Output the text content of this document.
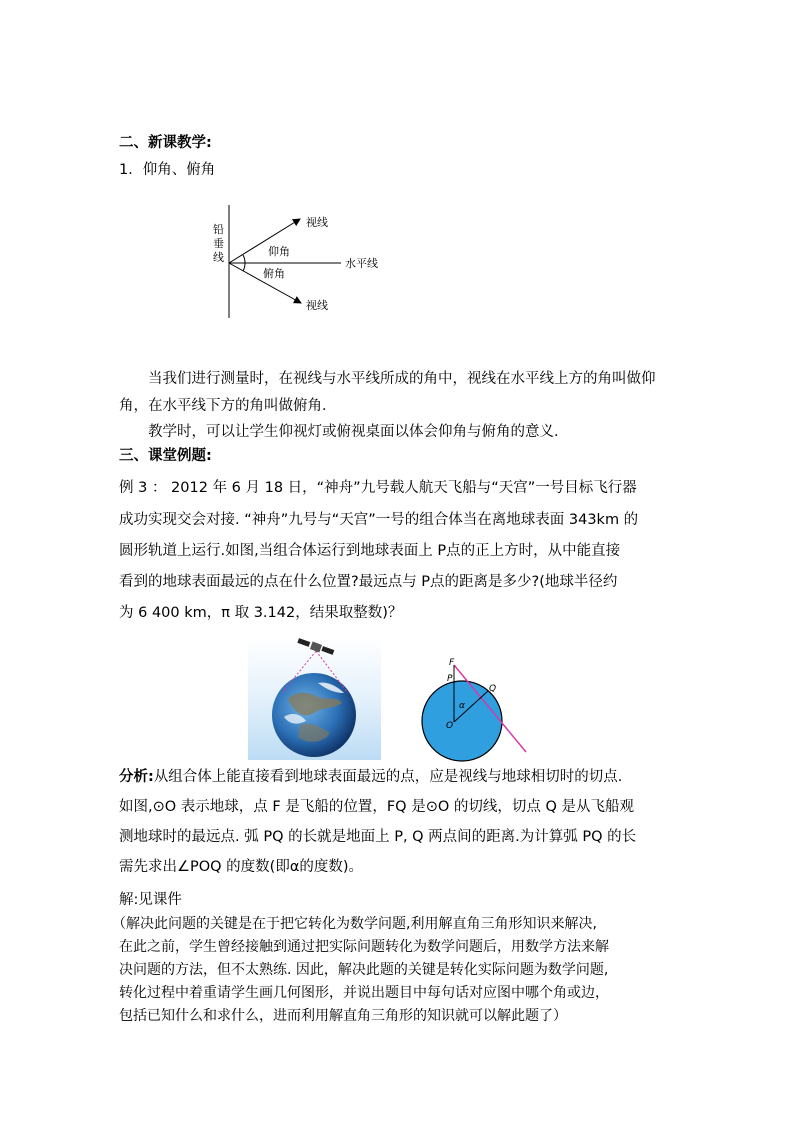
二、新课教学:
1．仰角、俯角
铅
垂
线
视线
仰角
水平线
俯角
视线
当我们进行测量时，在视线与水平线所成的角中，视线在水平线上方的角叫做仰角，在水平线下方的角叫做俯角．
教学时，可以让学生仰视灯或俯视桌面以体会仰角与俯角的意义．
三、课堂例题:
例 3 ： 2012 年 6 月 18 日，“神舟”九号载人航天飞船与“天宫”一号目标飞行器
成功实现交会对接. “神舟”九号与“天宫”一号的组合体当在离地球表面 343km 的
圆形轨道上运行.如图,当组合体运行到地球表面上 P点的正上方时，从中能直接
看到的地球表面最远的点在什么位置?最远点与 P点的距离是多少?(地球半径约
为 6 400 km，π 取 3.142，结果取整数)？
F
P
Q
α
O
分析:从组合体上能直接看到地球表面最远的点，应是视线与地球相切时的切点.
如图,⊙O 表示地球，点 F 是飞船的位置，FQ 是⊙O 的切线，切点 Q 是从飞船观
测地球时的最远点. 弧 PQ 的长就是地面上 P, Q 两点间的距离.为计算弧 PQ 的长
需先求出∠POQ 的度数(即α的度数)。
解:见课件
（解决此问题的关键是在于把它转化为数学问题,利用解直角三角形知识来解决,
在此之前，学生曾经接触到通过把实际问题转化为数学问题后，用数学方法来解
决问题的方法，但不太熟练. 因此，解决此题的关键是转化实际问题为数学问题,
转化过程中着重请学生画几何图形，并说出题目中每句话对应图中哪个角或边，
包括已知什么和求什么，进而利用解直角三角形的知识就可以解此题了）
